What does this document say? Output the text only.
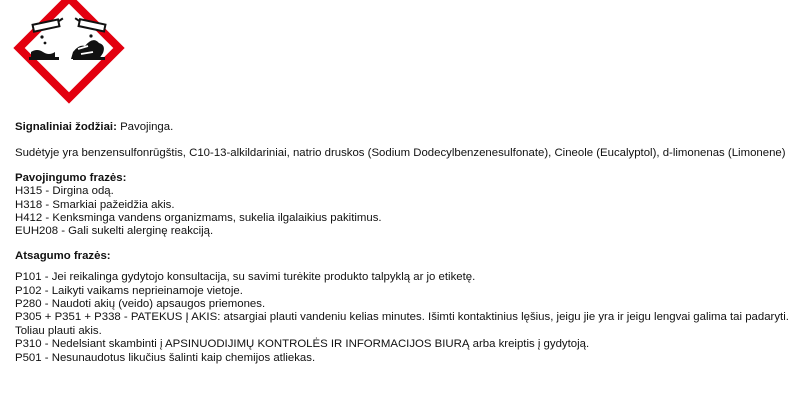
Signaliniai žodžiai: Pavojinga.
Sudėtyje yra benzensulfonrūgštis, C10-13-alkildariniai, natrio druskos (Sodium Dodecylbenzenesulfonate), Cineole (Eucalyptol), d-limonenas (Limonene)
Pavojingumo frazės:
H315 - Dirgina odą.
H318 - Smarkiai pažeidžia akis.
H412 - Kenksminga vandens organizmams, sukelia ilgalaikius pakitimus.
EUH208 - Gali sukelti alerginę reakciją.
Atsagumo frazės:
P101 - Jei reikalinga gydytojo konsultacija, su savimi turėkite produkto talpyklą ar jo etiketę.
P102 - Laikyti vaikams neprieinamoje vietoje.
P280 - Naudoti akių (veido) apsaugos priemones.
P305 + P351 + P338 - PATEKUS Į AKIS: atsargiai plauti vandeniu kelias minutes. Išimti kontaktinius lęšius, jeigu jie yra ir jeigu lengvai galima tai padaryti. Toliau plauti akis.
P310 - Nedelsiant skambinti į APSINUODIJIMŲ KONTROLĖS IR INFORMACIJOS BIURĄ arba kreiptis į gydytoją.
P501 - Nesunaudotus likučius šalinti kaip chemijos atliekas.
